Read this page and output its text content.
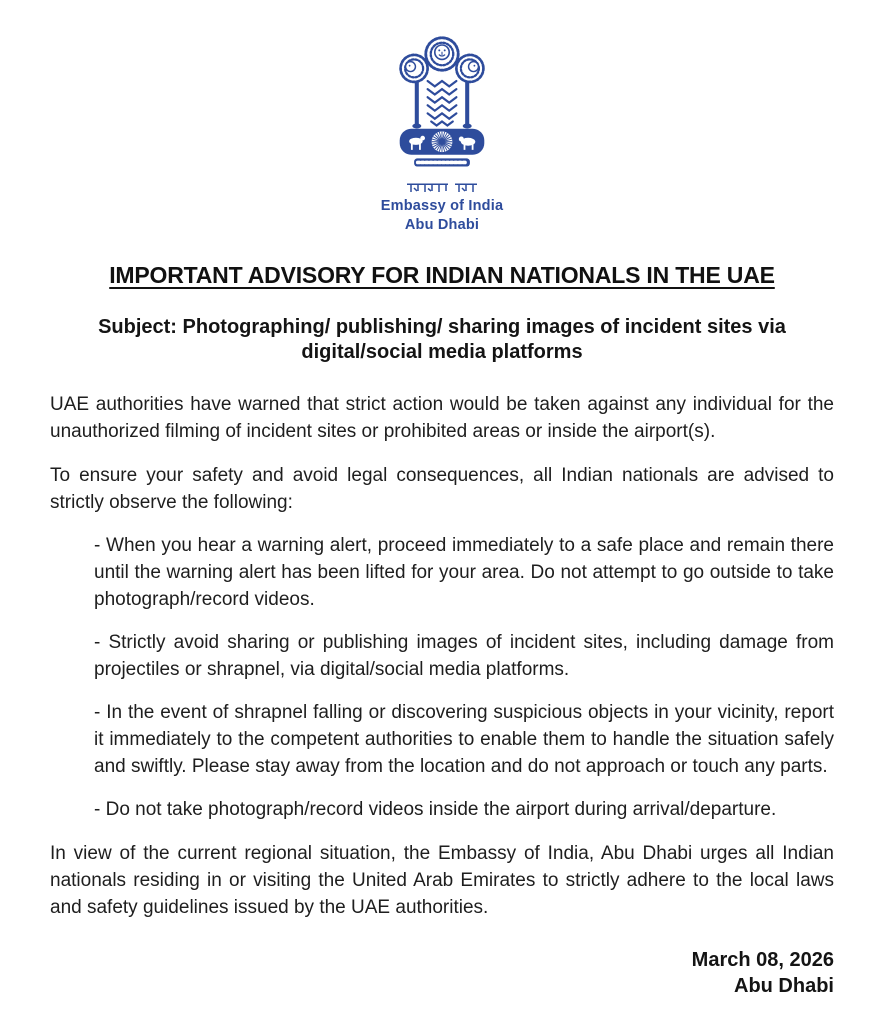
Embassy of India
Abu Dhabi
IMPORTANT ADVISORY FOR INDIAN NATIONALS IN THE UAE
Subject: Photographing/ publishing/ sharing images of incident sites via
digital/social media platforms
UAE authorities have warned that strict action would be taken against any individual for the unauthorized filming of incident sites or prohibited areas or inside the airport(s).
To ensure your safety and avoid legal consequences, all Indian nationals are advised to strictly observe the following:
- When you hear a warning alert, proceed immediately to a safe place and remain there until the warning alert has been lifted for your area. Do not attempt to go outside to take photograph/record videos.
- Strictly avoid sharing or publishing images of incident sites, including damage from projectiles or shrapnel, via digital/social media platforms.
- In the event of shrapnel falling or discovering suspicious objects in your vicinity, report it immediately to the competent authorities to enable them to handle the situation safely and swiftly. Please stay away from the location and do not approach or touch any parts.
- Do not take photograph/record videos inside the airport during arrival/departure.
In view of the current regional situation, the Embassy of India, Abu Dhabi urges all Indian nationals residing in or visiting the United Arab Emirates to strictly adhere to the local laws and safety guidelines issued by the UAE authorities.
March 08, 2026
Abu Dhabi
